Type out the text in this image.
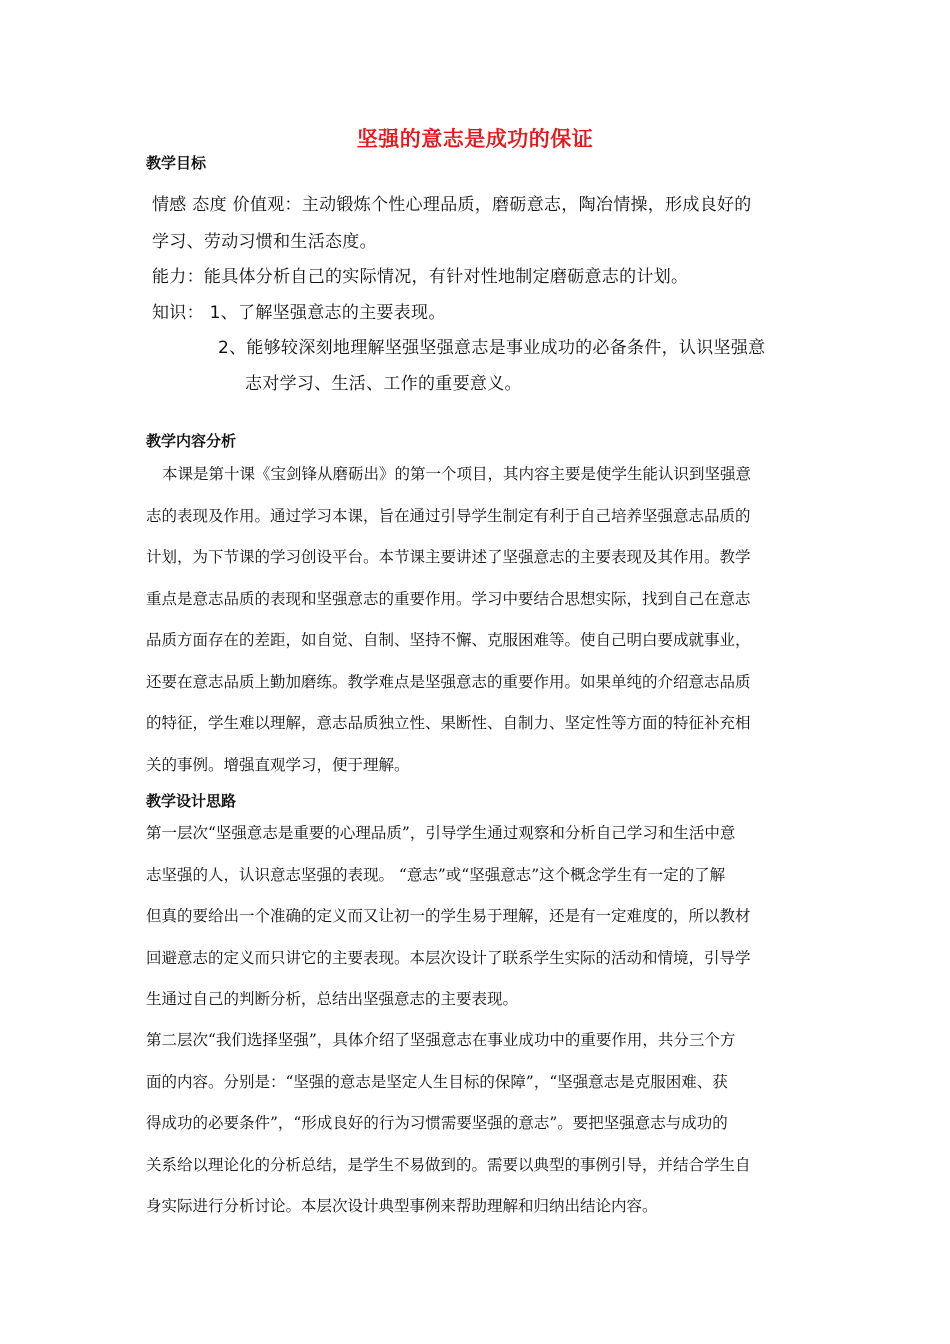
坚强的意志是成功的保证
教学目标
情感 态度 价值观：主动锻炼个性心理品质，磨砺意志，陶冶情操，形成良好的
学习、劳动习惯和生活态度。
能力：能具体分析自己的实际情况，有针对性地制定磨砺意志的计划。
知识： 1、了解坚强意志的主要表现。
2、能够较深刻地理解坚强坚强意志是事业成功的必备条件，认识坚强意
志对学习、生活、工作的重要意义。
教学内容分析
本课是第十课《宝剑锋从磨砺出》的第一个项目，其内容主要是使学生能认识到坚强意
志的表现及作用。通过学习本课，旨在通过引导学生制定有利于自己培养坚强意志品质的
计划，为下节课的学习创设平台。本节课主要讲述了坚强意志的主要表现及其作用。教学
重点是意志品质的表现和坚强意志的重要作用。学习中要结合思想实际，找到自己在意志
品质方面存在的差距，如自觉、自制、坚持不懈、克服困难等。使自己明白要成就事业，
还要在意志品质上勤加磨练。教学难点是坚强意志的重要作用。如果单纯的介绍意志品质
的特征，学生难以理解，意志品质独立性、果断性、自制力、坚定性等方面的特征补充相
关的事例。增强直观学习，便于理解。
教学设计思路
第一层次“坚强意志是重要的心理品质”，引导学生通过观察和分析自己学习和生活中意
志坚强的人，认识意志坚强的表现。 “意志”或“坚强意志”这个概念学生有一定的了解
但真的要给出一个准确的定义而又让初一的学生易于理解，还是有一定难度的，所以教材
回避意志的定义而只讲它的主要表现。本层次设计了联系学生实际的活动和情境，引导学
生通过自己的判断分析，总结出坚强意志的主要表现。
第二层次“我们选择坚强”，具体介绍了坚强意志在事业成功中的重要作用，共分三个方
面的内容。分别是：“坚强的意志是坚定人生目标的保障”，“坚强意志是克服困难、获
得成功的必要条件”，“形成良好的行为习惯需要坚强的意志”。要把坚强意志与成功的
关系给以理论化的分析总结，是学生不易做到的。需要以典型的事例引导，并结合学生自
身实际进行分析讨论。本层次设计典型事例来帮助理解和归纳出结论内容。
